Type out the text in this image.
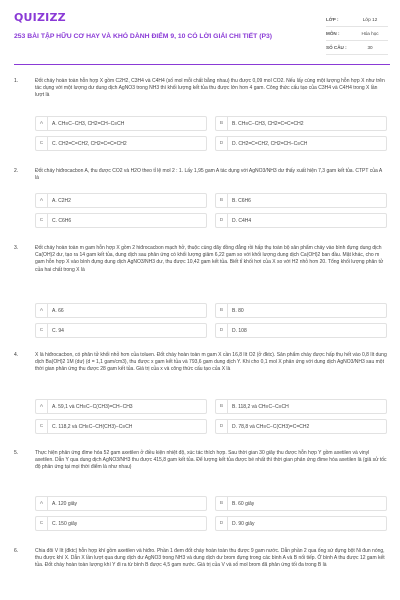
QUIZIZZ
253 BÀI TẬP HỮU CƠ HAY VÀ KHÓ DÀNH ĐIỂM 9, 10 CÓ LỜI GIẢI CHI TIẾT (P3)
LỚP :	Lớp 12
MÔN :	Hóa học
SỐ CÂU :	30
1.	Đốt cháy hoàn toàn hỗn hợp X gồm C2H2, C3H4 và C4H4 (số mol mỗi chất bằng nhau) thu được 0,09 mol CO2. Nếu lấy cùng một lượng hỗn hợp X như trên tác dụng với một lượng dư dung dịch AgNO3 trong NH3 thì khối lượng kết tủa thu được lớn hơn 4 gam. Công thức cấu tạo của C3H4 và C4H4 trong X lần lượt là
A	A. CH≡C−CH3, CH2=CH−C≡CH	B	B. CH≡C−CH3, CH2=C=C=CH2
C	C. CH2=C=CH2, CH2=C=C=CH2	D	D. CH2=C=CH2, CH2=CH−C≡CH
2.	Đốt cháy hiđrocacbon A, thu được CO2 và H2O theo tỉ lệ mol 2 : 1. Lấy 1,95 gam A tác dụng với AgNO3/NH3 dư thấy xuất hiện 7,3 gam kết tủa. CTPT của A là
A	A. C2H2	B	B. C6H6
C	C. C6H6	D	D. C4H4
3.	Đốt cháy hoàn toàn m gam hỗn hợp X gồm 2 hiđrocacbon mạch hở, thuộc cùng dãy đồng đẳng rồi hấp thụ toàn bộ sản phẩm cháy vào bình đựng dung dịch Ca(OH)2 dư, tạo ra 14 gam kết tủa, dung dịch sau phản ứng có khối lượng giảm 6,22 gam so với khối lượng dung dịch Ca(OH)2 ban đầu. Mặt khác, cho m gam hỗn hợp X vào bình đựng dung dịch AgNO3/NH3 dư, thu được 10,42 gam kết tủa. Biết tỉ khối hơi của X so với H2 nhỏ hơn 20. Tổng khối lượng phân tử của hai chất trong X là
A	A. 66	B	B. 80
C	C. 94	D	D. 108
4.	X là hiđrocacbon, có phân tử khối nhỏ hơn của toluen. Đốt cháy hoàn toàn m gam X cần 16,8 lít O2 (ở đktc). Sản phẩm cháy được hấp thụ hết vào 0,8 lít dung dịch Ba(OH)2 1M (dư) (d = 1,1 gam/cm3), thu được x gam kết tủa và 793,6 gam dung dịch Y. Khi cho 0,1 mol X phản ứng với dung dịch AgNO3/NH3 sau một thời gian phản ứng thu được 28 gam kết tủa. Giá trị của x và công thức cấu tạo của X là
A	A. 59,1 và CH≡C−C(CH3)=CH−CH3	B	B. 118,2 và CH≡C−C≡CH
C	C. 118,2 và CH≡C−CH(CH3)−C≡CH	D	D. 78,8 và CH≡C−C(CH3)=C=CH2
5.	Thực hiện phản ứng đime hóa 52 gam axetilen ở điều kiện nhiệt độ, xúc tác thích hợp. Sau thời gian 30 giây thu được hỗn hợp Y gồm axetilen và vinyl axetilen. Dẫn Y qua dung dịch AgNO3/NH3 thu được 415,8 gam kết tủa. Để lượng kết tủa được bé nhất thì thời gian phản ứng đime hóa axetilen là (giả sử tốc độ phản ứng tại mọi thời điểm là như nhau)
A	A. 120 giây	B	B. 60 giây
C	C. 150 giây	D	D. 90 giây
6.	Chia đôi V lít (đktc) hỗn hợp khí gồm axetilen và hiđro. Phần 1 đem đốt cháy hoàn toàn thu được 9 gam nước. Dẫn phần 2 qua ống sứ đựng bột Ni đun nóng, thu được khí X. Dẫn X lần lượt qua dung dịch dư AgNO3 trong NH3 và dung dịch dư brom đựng trong các bình A và B nối tiếp. Ở bình A thu được 12 gam kết tủa. Đốt cháy hoàn toàn lượng khí Y đi ra từ bình B được 4,5 gam nước. Giá trị của V và số mol brom đã phản ứng tối đa trong B là
